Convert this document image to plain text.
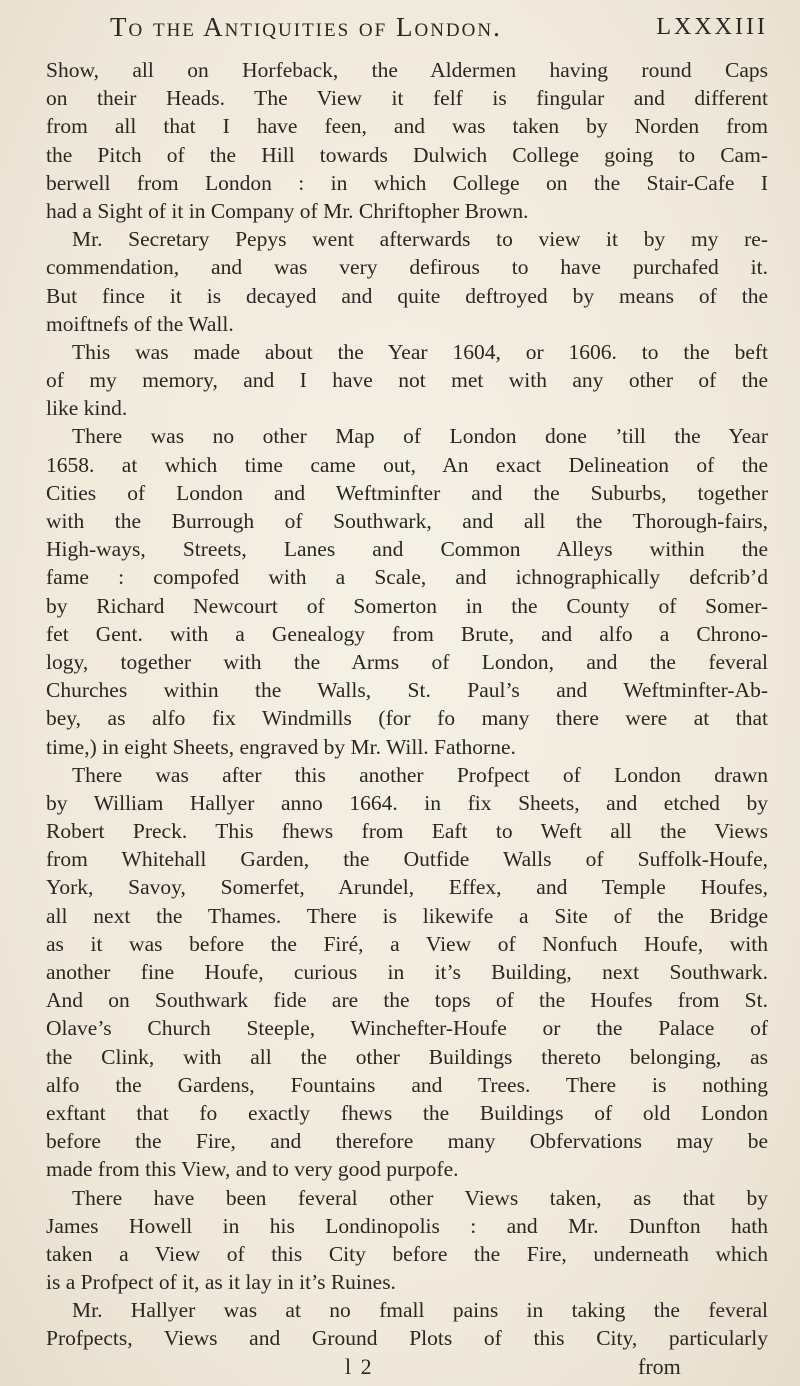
To the Antiquities of London.	LXXXIII
Show, all on Horfeback, the Aldermen having round Caps
on their Heads. The View it felf is fingular and different
from all that I have feen, and was taken by Norden from
the Pitch of the Hill towards Dulwich College going to Cam-
berwell from London : in which College on the Stair-Cafe I
had a Sight of it in Company of Mr. Chriftopher Brown.
Mr. Secretary Pepys went afterwards to view it by my re-
commendation, and was very defirous to have purchafed it.
But fince it is decayed and quite deftroyed by means of the
moiftnefs of the Wall.
This was made about the Year 1604, or 1606. to the beft
of my memory, and I have not met with any other of the
like kind.
There was no other Map of London done ’till the Year
1658. at which time came out, An exact Delineation of the
Cities of London and Weftminfter and the Suburbs, together
with the Burrough of Southwark, and all the Thorough-fairs,
High-ways, Streets, Lanes and Common Alleys within the
fame : compofed with a Scale, and ichnographically defcrib’d
by Richard Newcourt of Somerton in the County of Somer-
fet Gent. with a Genealogy from Brute, and alfo a Chrono-
logy, together with the Arms of London, and the feveral
Churches within the Walls, St. Paul’s and Weftminfter-Ab-
bey, as alfo fix Windmills (for fo many there were at that
time,) in eight Sheets, engraved by Mr. Will. Fathorne.
There was after this another Profpect of London drawn
by William Hallyer anno 1664. in fix Sheets, and etched by
Robert Preck. This fhews from Eaft to Weft all the Views
from Whitehall Garden, the Outfide Walls of Suffolk-Houfe,
York, Savoy, Somerfet, Arundel, Effex, and Temple Houfes,
all next the Thames. There is likewife a Site of the Bridge
as it was before the Firé, a View of Nonfuch Houfe, with
another fine Houfe, curious in it’s Building, next Southwark.
And on Southwark fide are the tops of the Houfes from St.
Olave’s Church Steeple, Winchefter-Houfe or the Palace of
the Clink, with all the other Buildings thereto belonging, as
alfo the Gardens, Fountains and Trees. There is nothing
exftant that fo exactly fhews the Buildings of old London
before the Fire, and therefore many Obfervations may be
made from this View, and to very good purpofe.
There have been feveral other Views taken, as that by
James Howell in his Londinopolis : and Mr. Dunfton hath
taken a View of this City before the Fire, underneath which
is a Profpect of it, as it lay in it’s Ruines.
Mr. Hallyer was at no fmall pains in taking the feveral
Profpects, Views and Ground Plots of this City, particularly
l 2	from
